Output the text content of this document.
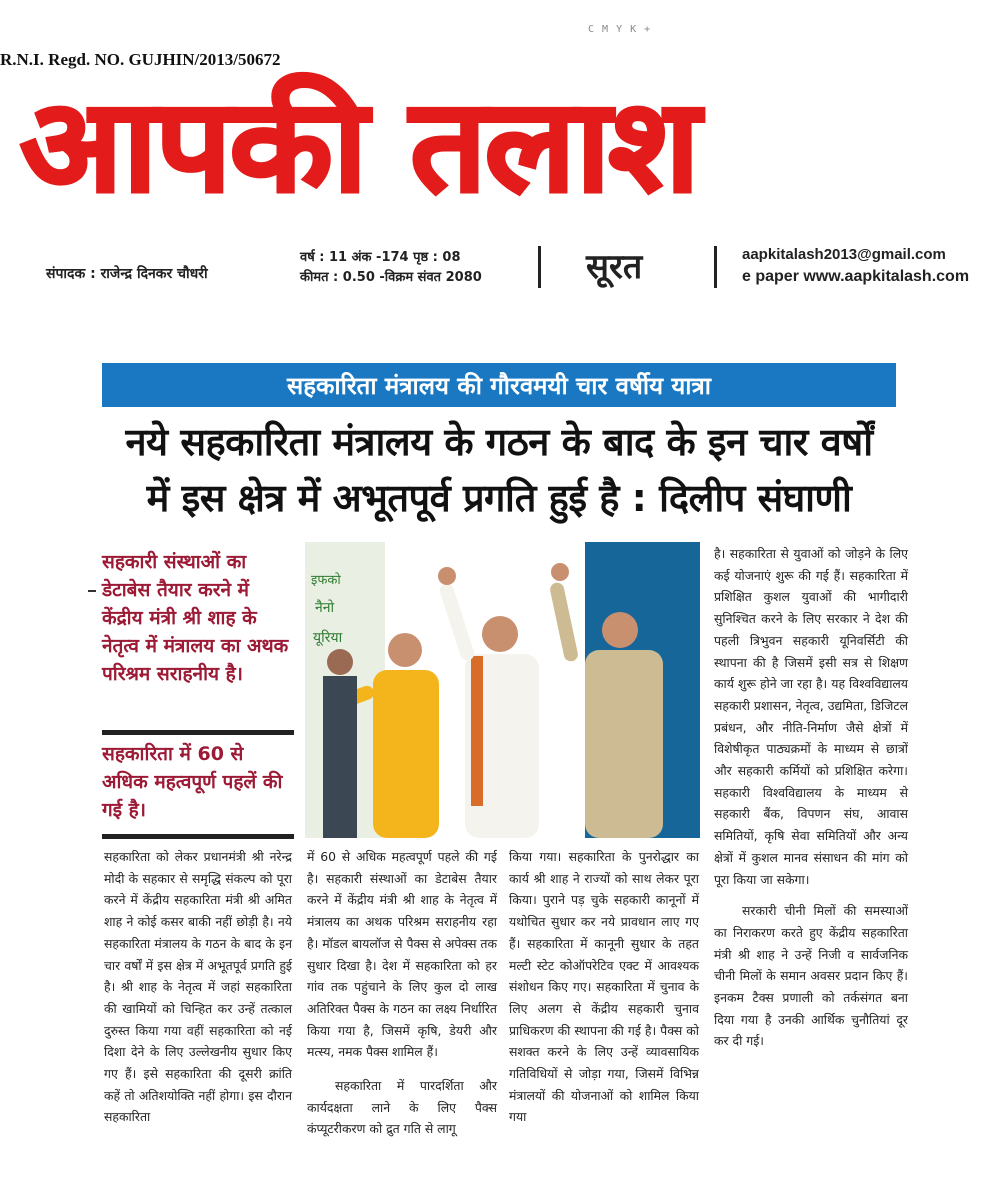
C M Y K +
R.N.I. Regd. NO. GUJHIN/2013/50672
आपकी तलाश
संपादक : राजेन्द्र दिनकर चौधरी
वर्ष : 11 अंक -174 पृष्ठ : 08
कीमत : 0.50 -विक्रम संवत 2080	सूरत	aapkitalash2013@gmail.com
e paper www.aapkitalash.com
सहकारिता मंत्रालय की गौरवमयी चार वर्षीय यात्रा
नये सहकारिता मंत्रालय के गठन के बाद के इन चार वर्षों
में इस क्षेत्र में अभूतपूर्व प्रगति हुई है : दिलीप संघाणी
सहकारी संस्थाओं का डेटाबेस तैयार करने में केंद्रीय मंत्री श्री शाह के नेतृत्व में मंत्रालय का अथक परिश्रम सराहनीय है।
सहकारिता में 60 से अधिक महत्वपूर्ण पहलें की गई है।
इफको
नैनो
यूरिया
सहकारिता को लेकर प्रधानमंत्री श्री नरेन्द्र मोदी के सहकार से समृद्धि संकल्प को पूरा करने में केंद्रीय सहकारिता मंत्री श्री अमित शाह ने कोई कसर बाकी नहीं छोड़ी है। नये सहकारिता मंत्रालय के गठन के बाद के इन चार वर्षों में इस क्षेत्र में अभूतपूर्व प्रगति हुई है। श्री शाह के नेतृत्व में जहां सहकारिता की खामियों को चिन्हित कर उन्हें तत्काल दुरुस्त किया गया वहीं सहकारिता को नई दिशा देने के लिए उल्लेखनीय सुधार किए गए हैं। इसे सहकारिता की दूसरी क्रांति कहें तो अतिशयोक्ति नहीं होगा। इस दौरान सहकारिता
में 60 से अधिक महत्वपूर्ण पहले की गई है। सहकारी संस्थाओं का डेटाबेस तैयार करने में केंद्रीय मंत्री श्री शाह के नेतृत्व में मंत्रालय का अथक परिश्रम सराहनीय रहा है। मॉडल बायलॉज से पैक्स से अपेक्स तक सुधार दिखा है। देश में सहकारिता को हर गांव तक पहुंचाने के लिए कुल दो लाख अतिरिक्त पैक्स के गठन का लक्ष्य निर्धारित किया गया है, जिसमें कृषि, डेयरी और मत्स्य, नमक पैक्स शामिल हैं।
सहकारिता में पारदर्शिता और कार्यदक्षता लाने के लिए पैक्स कंप्यूटरीकरण को द्रुत गति से लागू
किया गया। सहकारिता के पुनरोद्धार का कार्य श्री शाह ने राज्यों को साथ लेकर पूरा किया। पुराने पड़ चुके सहकारी कानूनों में यथोचित सुधार कर नये प्रावधान लाए गए हैं। सहकारिता में कानूनी सुधार के तहत मल्टी स्टेट कोऑपरेटिव एक्ट में आवश्यक संशोधन किए गए। सहकारिता में चुनाव के लिए अलग से केंद्रीय सहकारी चुनाव प्राधिकरण की स्थापना की गई है। पैक्स को सशक्त करने के लिए उन्हें व्यावसायिक गतिविधियों से जोड़ा गया, जिसमें विभिन्न मंत्रालयों की योजनाओं को शामिल किया गया
है। सहकारिता से युवाओं को जोड़ने के लिए कई योजनाएं शुरू की गई हैं। सहकारिता में प्रशिक्षित कुशल युवाओं की भागीदारी सुनिश्चित करने के लिए सरकार ने देश की पहली त्रिभुवन सहकारी यूनिवर्सिटी की स्थापना की है जिसमें इसी सत्र से शिक्षण कार्य शुरू होने जा रहा है। यह विश्वविद्यालय सहकारी प्रशासन, नेतृत्व, उद्यमिता, डिजिटल प्रबंधन, और नीति-निर्माण जैसे क्षेत्रों में विशेषीकृत पाठ्यक्रमों के माध्यम से छात्रों और सहकारी कर्मियों को प्रशिक्षित करेगा। सहकारी विश्वविद्यालय के माध्यम से सहकारी बैंक, विपणन संघ, आवास समितियों, कृषि सेवा समितियों और अन्य क्षेत्रों में कुशल मानव संसाधन की मांग को पूरा किया जा सकेगा।
सरकारी चीनी मिलों की समस्याओं का निराकरण करते हुए केंद्रीय सहकारिता मंत्री श्री शाह ने उन्हें निजी व सार्वजनिक चीनी मिलों के समान अवसर प्रदान किए हैं। इनकम टैक्स प्रणाली को तर्कसंगत बना दिया गया है उनकी आर्थिक चुनौतियां दूर कर दी गई।
